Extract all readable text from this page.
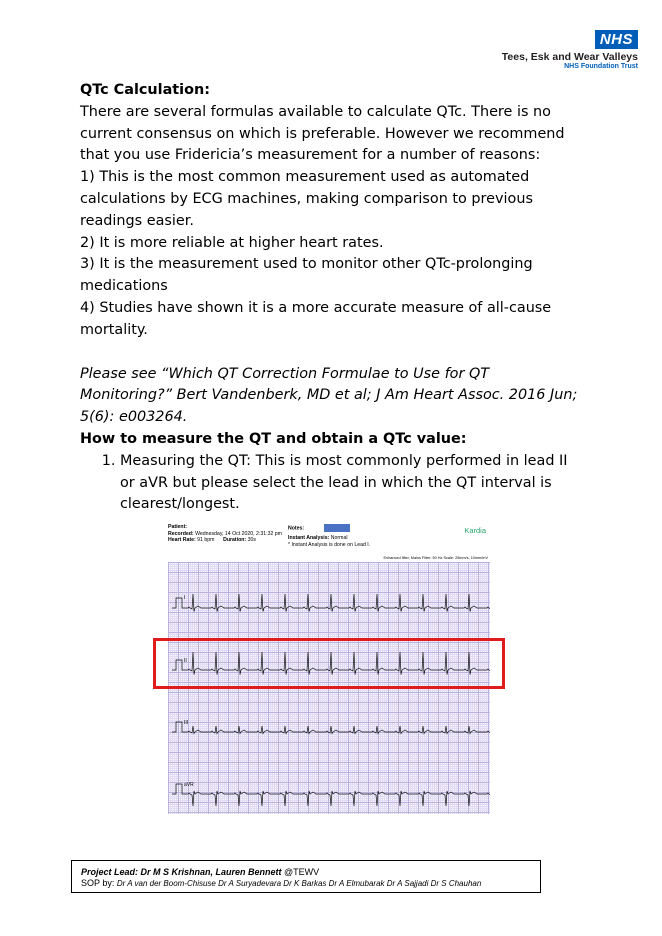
NHS
Tees, Esk and Wear Valleys
NHS Foundation Trust

QTc Calculation:

There are several formulas available to calculate QTc. There is no current consensus on which is preferable. However we recommend that you use Fridericia’s measurement for a number of reasons:

1) This is the most common measurement used as automated calculations by ECG machines, making comparison to previous readings easier.

2) It is more reliable at higher heart rates.

3) It is the measurement used to monitor other QTc-prolonging medications

4) Studies have shown it is a more accurate measure of all-cause mortality.

Please see “Which QT Correction Formulae to Use for QT Monitoring?” Bert Vandenberk, MD et al; J Am Heart Assoc. 2016 Jun; 5(6): e003264.

How to measure the QT and obtain a QTc value:

1. Measuring the QT: This is most commonly performed in lead II or aVR but please select the lead in which the QT interval is clearest/longest.
Patient:
Recorded: Wednesday, 14 Oct 2020, 2:31:32 pm
Heart Rate: 91 bpm Duration: 30s
Notes:
Instant Analysis: Normal
* Instant Analysis is done on Lead I.
Kardia
Enhanced filter, Mains Filter: 50 Hz Scale: 25mm/s, 10mm/mV
I
II
III
aVR
Project Lead: Dr M S Krishnan, Lauren Bennett @TEWV
SOP by: Dr A van der Boom-Chisuse Dr A Suryadevara Dr K Barkas Dr A Elmubarak Dr A Sajjadi Dr S Chauhan
